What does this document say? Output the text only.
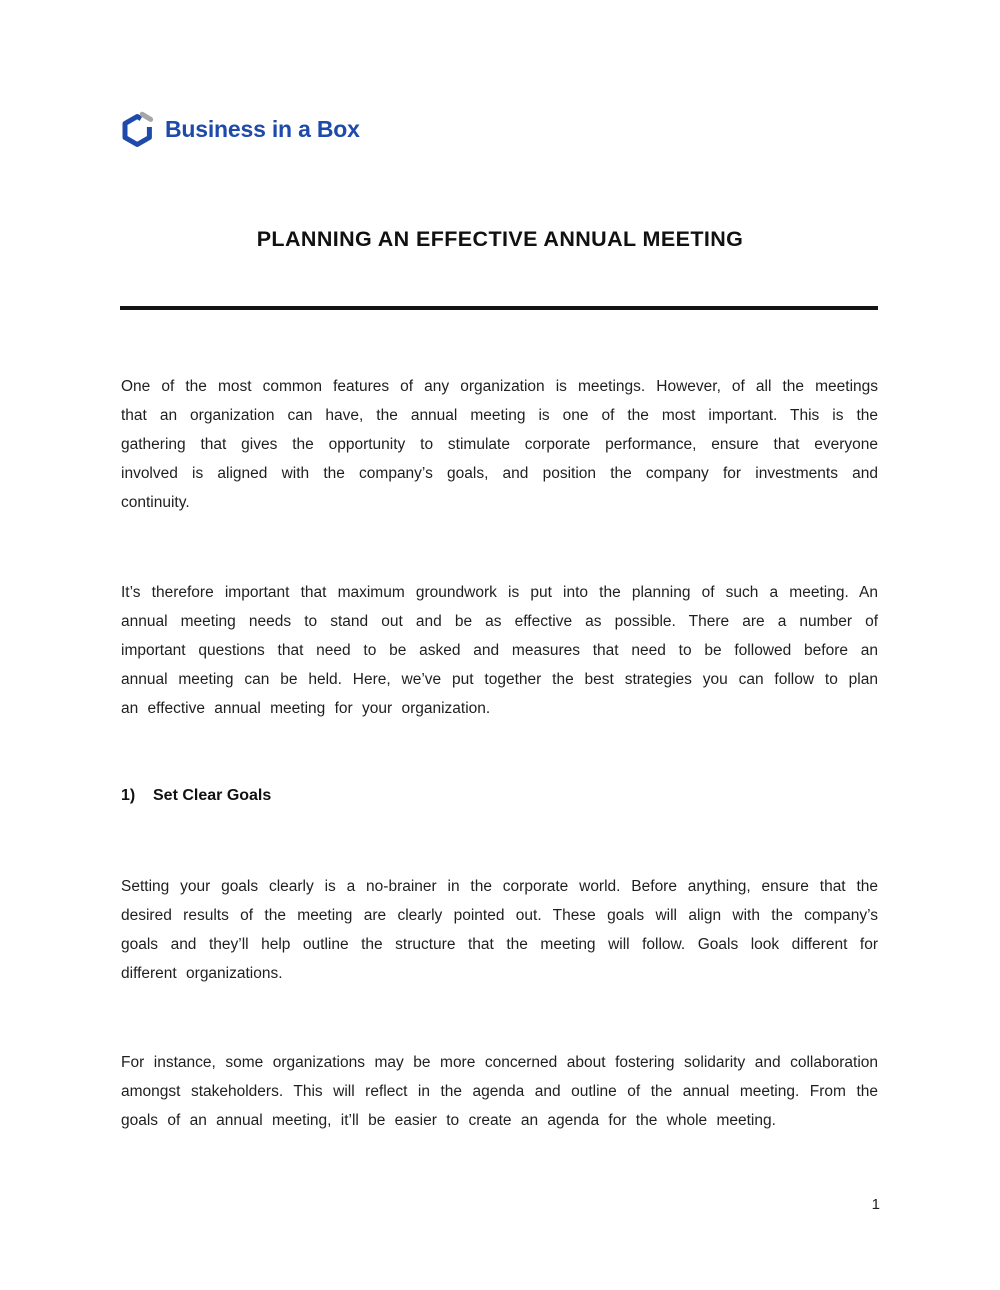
Business in a Box
PLANNING AN EFFECTIVE ANNUAL MEETING

One of the most common features of any organization is meetings. However, of all the meetings that an organization can have, the annual meeting is one of the most important. This is the gathering that gives the opportunity to stimulate corporate performance, ensure that everyone involved is aligned with the company’s goals, and position the company for investments and continuity.

It’s therefore important that maximum groundwork is put into the planning of such a meeting. An annual meeting needs to stand out and be as effective as possible. There are a number of important questions that need to be asked and measures that need to be followed before an annual meeting can be held. Here, we’ve put together the best strategies you can follow to plan an effective annual meeting for your organization.

1)	Set Clear Goals

Setting your goals clearly is a no-brainer in the corporate world. Before anything, ensure that the desired results of the meeting are clearly pointed out. These goals will align with the company’s goals and they’ll help outline the structure that the meeting will follow. Goals look different for different organizations.

For instance, some organizations may be more concerned about fostering solidarity and collaboration amongst stakeholders. This will reflect in the agenda and outline of the annual meeting. From the goals of an annual meeting, it’ll be easier to create an agenda for the whole meeting.

1
